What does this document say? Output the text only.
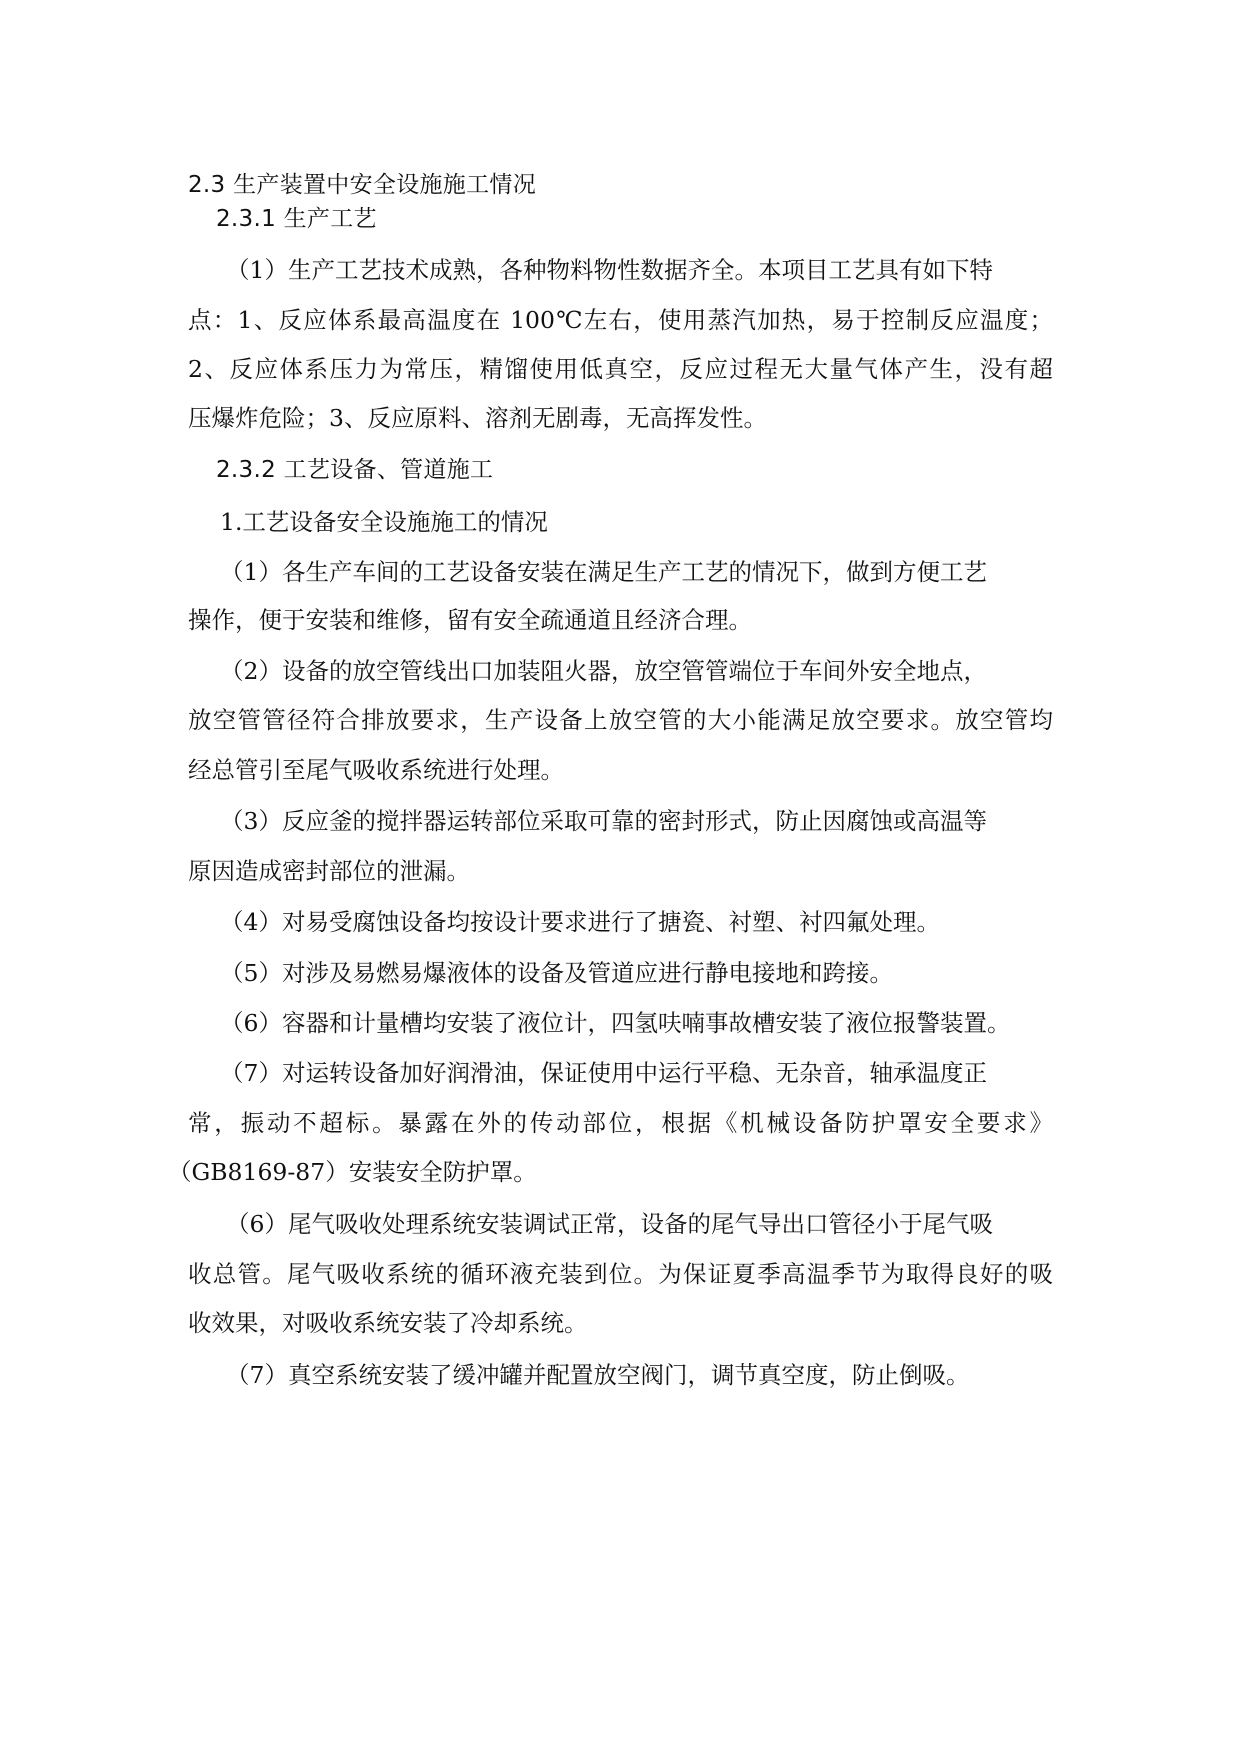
2.3 生产装置中安全设施施工情况
2.3.1 生产工艺
（1）生产工艺技术成熟，各种物料物性数据齐全。本项目工艺具有如下特
点：1、反应体系最高温度在 100℃左右，使用蒸汽加热，易于控制反应温度；
2、反应体系压力为常压，精馏使用低真空，反应过程无大量气体产生，没有超
压爆炸危险；3、反应原料、溶剂无剧毒，无高挥发性。
2.3.2 工艺设备、管道施工
1.工艺设备安全设施施工的情况
（1）各生产车间的工艺设备安装在满足生产工艺的情况下，做到方便工艺
操作，便于安装和维修，留有安全疏通道且经济合理。
（2）设备的放空管线出口加装阻火器，放空管管端位于车间外安全地点，
放空管管径符合排放要求，生产设备上放空管的大小能满足放空要求。放空管均
经总管引至尾气吸收系统进行处理。
（3）反应釜的搅拌器运转部位采取可靠的密封形式，防止因腐蚀或高温等
原因造成密封部位的泄漏。
（4）对易受腐蚀设备均按设计要求进行了搪瓷、衬塑、衬四氟处理。
（5）对涉及易燃易爆液体的设备及管道应进行静电接地和跨接。
（6）容器和计量槽均安装了液位计，四氢呋喃事故槽安装了液位报警装置。
（7）对运转设备加好润滑油，保证使用中运行平稳、无杂音，轴承温度正
常，振动不超标。暴露在外的传动部位，根据《机械设备防护罩安全要求》
（GB8169-87）安装安全防护罩。
（6）尾气吸收处理系统安装调试正常，设备的尾气导出口管径小于尾气吸
收总管。尾气吸收系统的循环液充装到位。为保证夏季高温季节为取得良好的吸
收效果，对吸收系统安装了冷却系统。
（7）真空系统安装了缓冲罐并配置放空阀门，调节真空度，防止倒吸。
